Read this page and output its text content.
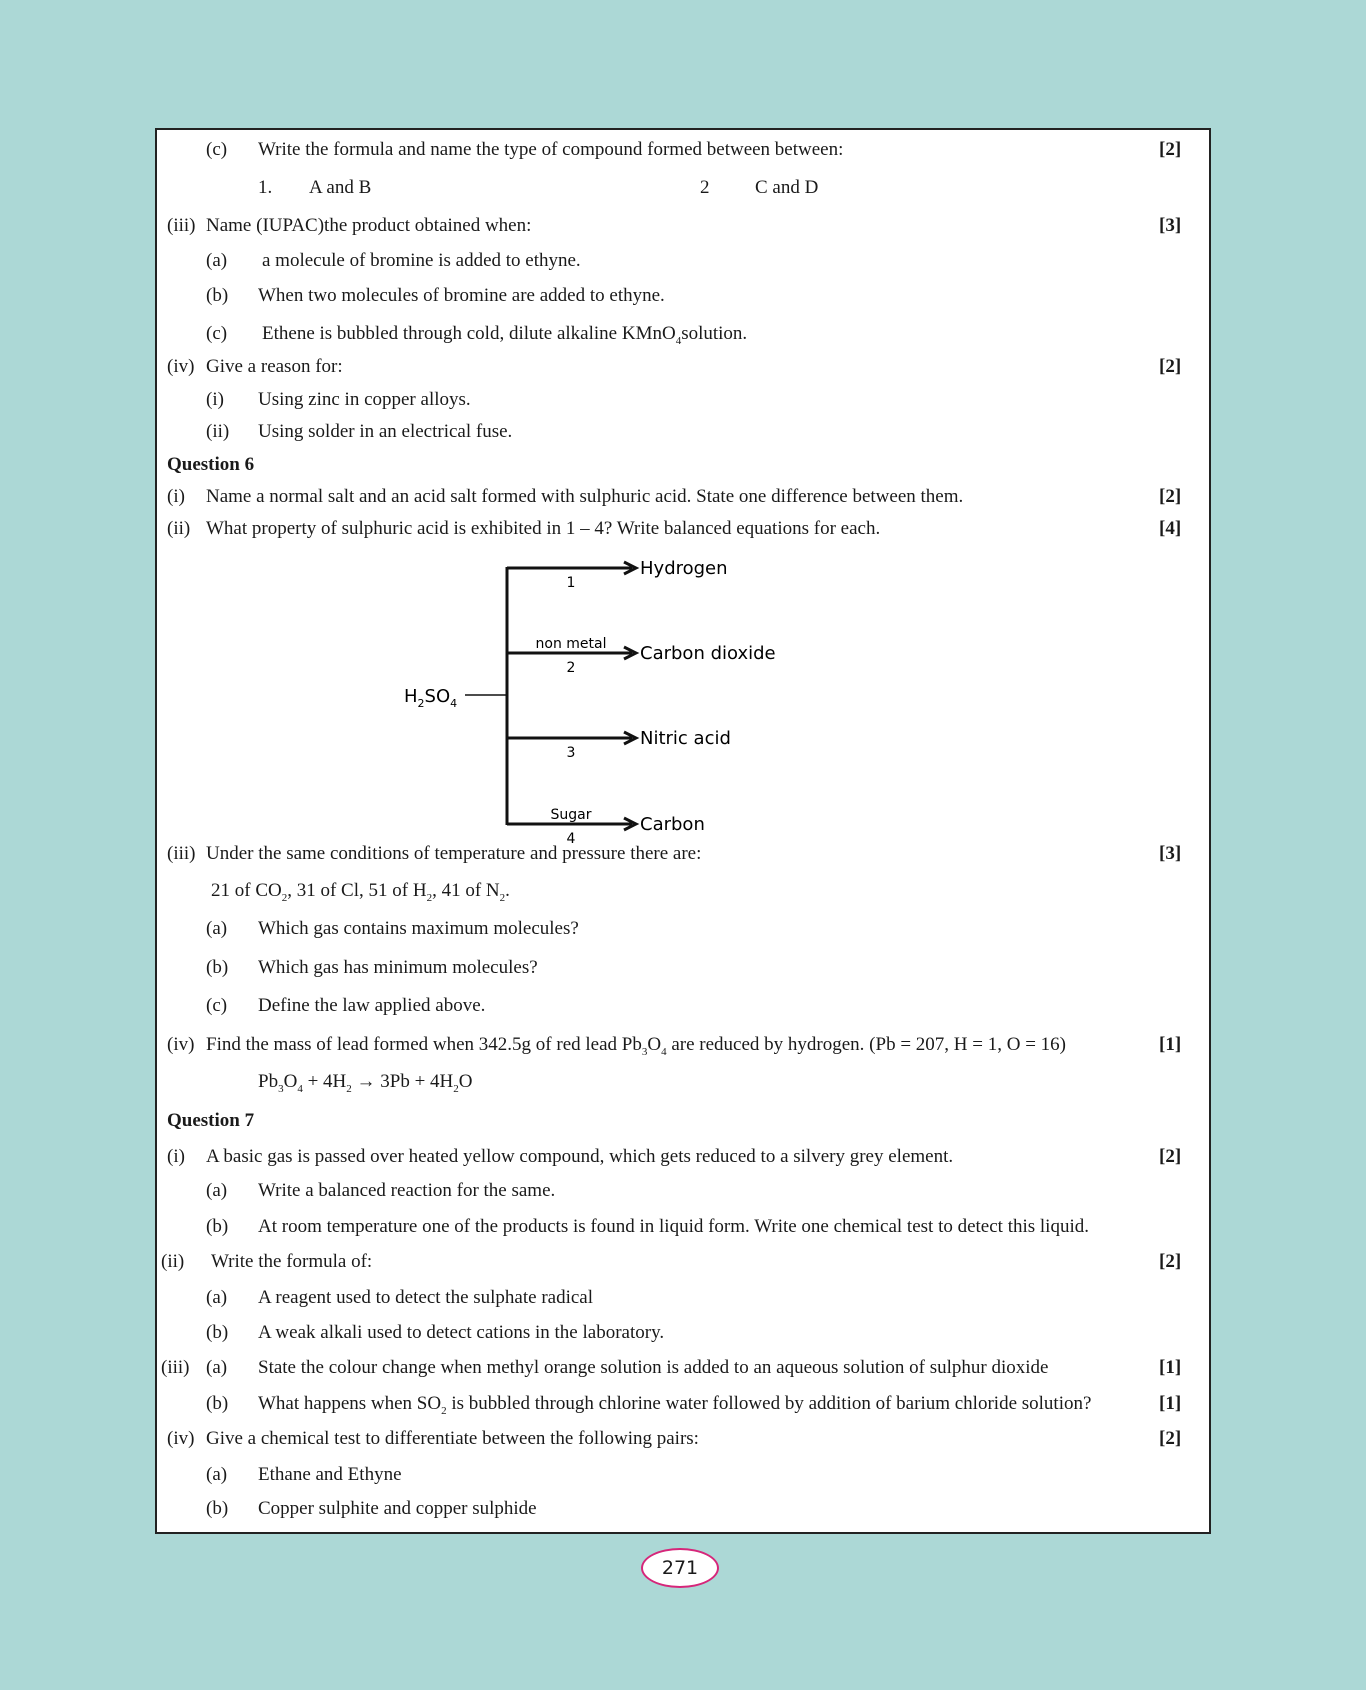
(c) Write the formula and name the type of compound formed between between:	[2]
1.	2
A and B	C and D
(iii) Name (IUPAC)the product obtained when:	[3]
(a) a molecule of bromine is added to ethyne.
(b) When two molecules of bromine are added to ethyne.
(c) Ethene is bubbled through cold, dilute alkaline KMnO$_4$solution.
(iv) Give a reason for:	[2]
(i) Using zinc in copper alloys.
(ii) Using solder in an electrical fuse.
Question 6
(i) Name a normal salt and an acid salt formed with sulphuric acid. State one difference between them.	[2]
(ii) What property of sulphuric acid is exhibited in 1 – 4? Write balanced equations for each.	[4]
(iii) Under the same conditions of temperature and pressure there are:	[3]
21 of $CO_2$, 31 of Cl, 51 of $H_2$, 41 of $N_2$.
(a) Which gas contains maximum molecules?
(b) Which gas has minimum molecules?
(c) Define the law applied above.
(iv) Find the mass of lead formed when 342.5g of red lead $Pb_3O_4$ are reduced by hydrogen. (Pb = 207, H = 1, O = 16)	[1]
$Pb_3O_4 + 4H_2 \to 3Pb + 4H_2O$
Question 7
(i) A basic gas is passed over heated yellow compound, which gets reduced to a silvery grey element.	[2]
(a) Write a balanced reaction for the same.
(b) At room temperature one of the products is found in liquid form. Write one chemical test to detect this liquid.
(ii) Write the formula of:	[2]
(a) A reagent used to detect the sulphate radical
(b) A weak alkali used to detect cations in the laboratory.
(iii) (a) State the colour change when methyl orange solution is added to an aqueous solution of sulphur dioxide	[1]
(b) What happens when $SO_2$ is bubbled through chlorine water followed by addition of barium chloride solution?	[1]
(iv) Give a chemical test to differentiate between the following pairs:	[2]
(a) Ethane and Ethyne
(b) Copper sulphite and copper sulphide
$H_2SO_4$
1
Hydrogen
2
non metal Carbon dioxide
3
Nitric acid
4
Sugar	Carbon
271
